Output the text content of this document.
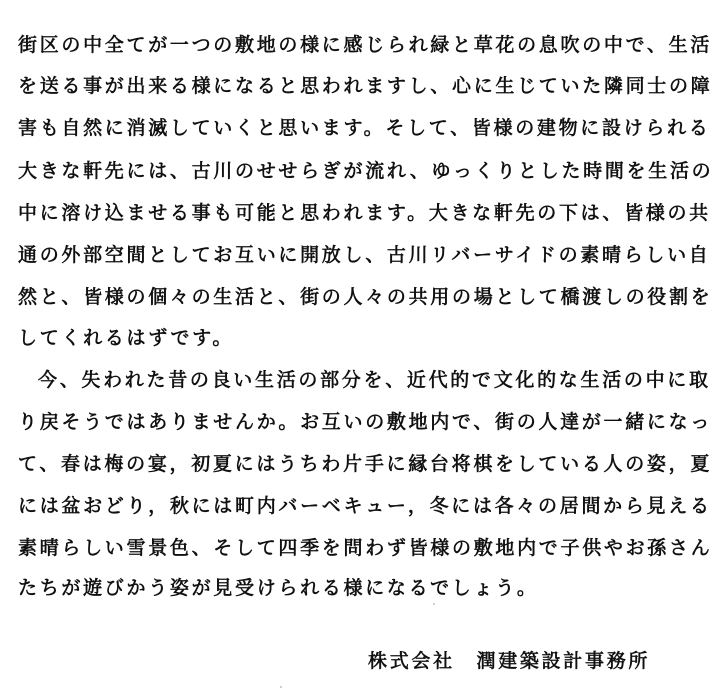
街区の中全てが一つの敷地の様に感じられ緑と草花の息吹の中で、生活
を送る事が出来る様になると思われますし、心に生じていた隣同士の障
害も自然に消滅していくと思います。そして、皆様の建物に設けられる
大きな軒先には、古川のせせらぎが流れ、ゆっくりとした時間を生活の
中に溶け込ませる事も可能と思われます。大きな軒先の下は、皆様の共
通の外部空間としてお互いに開放し、古川リバーサイドの素晴らしい自
然と、皆様の個々の生活と、街の人々の共用の場として橋渡しの役割を
してくれるはずです。
今、失われた昔の良い生活の部分を、近代的で文化的な生活の中に取
り戻そうではありませんか。お互いの敷地内で、街の人達が一緒になっ
て、春は梅の宴，初夏にはうちわ片手に縁台将棋をしている人の姿，夏
には盆おどり，秋には町内バーベキュー，冬には各々の居間から見える
素晴らしい雪景色、そして四季を問わず皆様の敷地内で子供やお孫さん
たちが遊びかう姿が見受けられる様になるでしょう。
株式会社　潤建築設計事務所
